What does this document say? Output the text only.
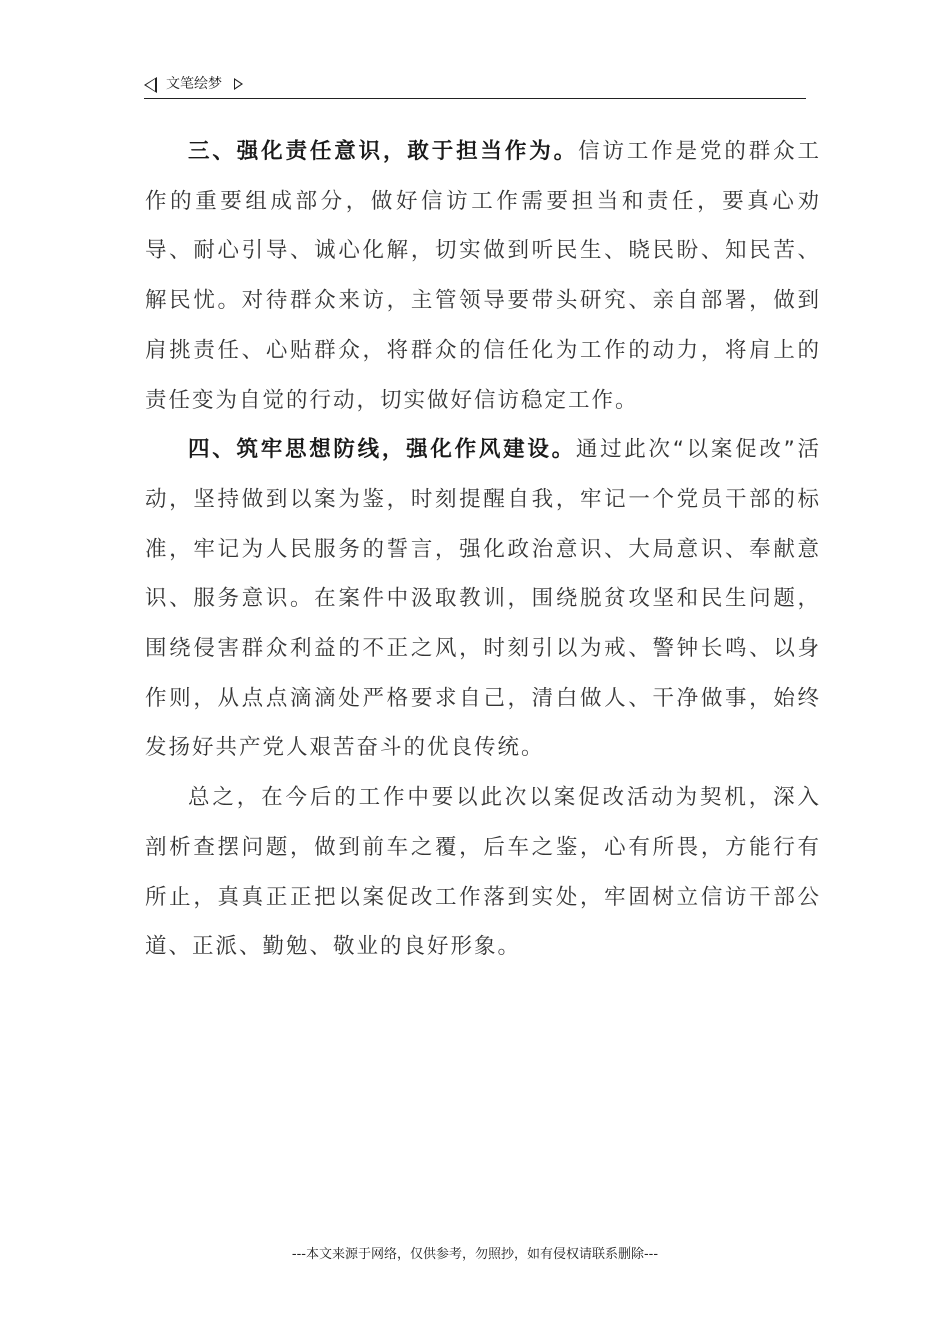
文笔绘梦

三、强化责任意识，敢于担当作为。信访工作是党的群众工作的重要组成部分，做好信访工作需要担当和责任，要真心劝导、耐心引导、诚心化解，切实做到听民生、晓民盼、知民苦、解民忧。对待群众来访，主管领导要带头研究、亲自部署，做到肩挑责任、心贴群众，将群众的信任化为工作的动力，将肩上的责任变为自觉的行动，切实做好信访稳定工作。

四、筑牢思想防线，强化作风建设。通过此次“以案促改”活动，坚持做到以案为鉴，时刻提醒自我，牢记一个党员干部的标准，牢记为人民服务的誓言，强化政治意识、大局意识、奉献意识、服务意识。在案件中汲取教训，围绕脱贫攻坚和民生问题，围绕侵害群众利益的不正之风，时刻引以为戒、警钟长鸣、以身作则，从点点滴滴处严格要求自己，清白做人、干净做事，始终发扬好共产党人艰苦奋斗的优良传统。

总之，在今后的工作中要以此次以案促改活动为契机，深入剖析查摆问题，做到前车之覆，后车之鉴，心有所畏，方能行有所止，真真正正把以案促改工作落到实处，牢固树立信访干部公道、正派、勤勉、敬业的良好形象。

---本文来源于网络，仅供参考，勿照抄，如有侵权请联系删除---
